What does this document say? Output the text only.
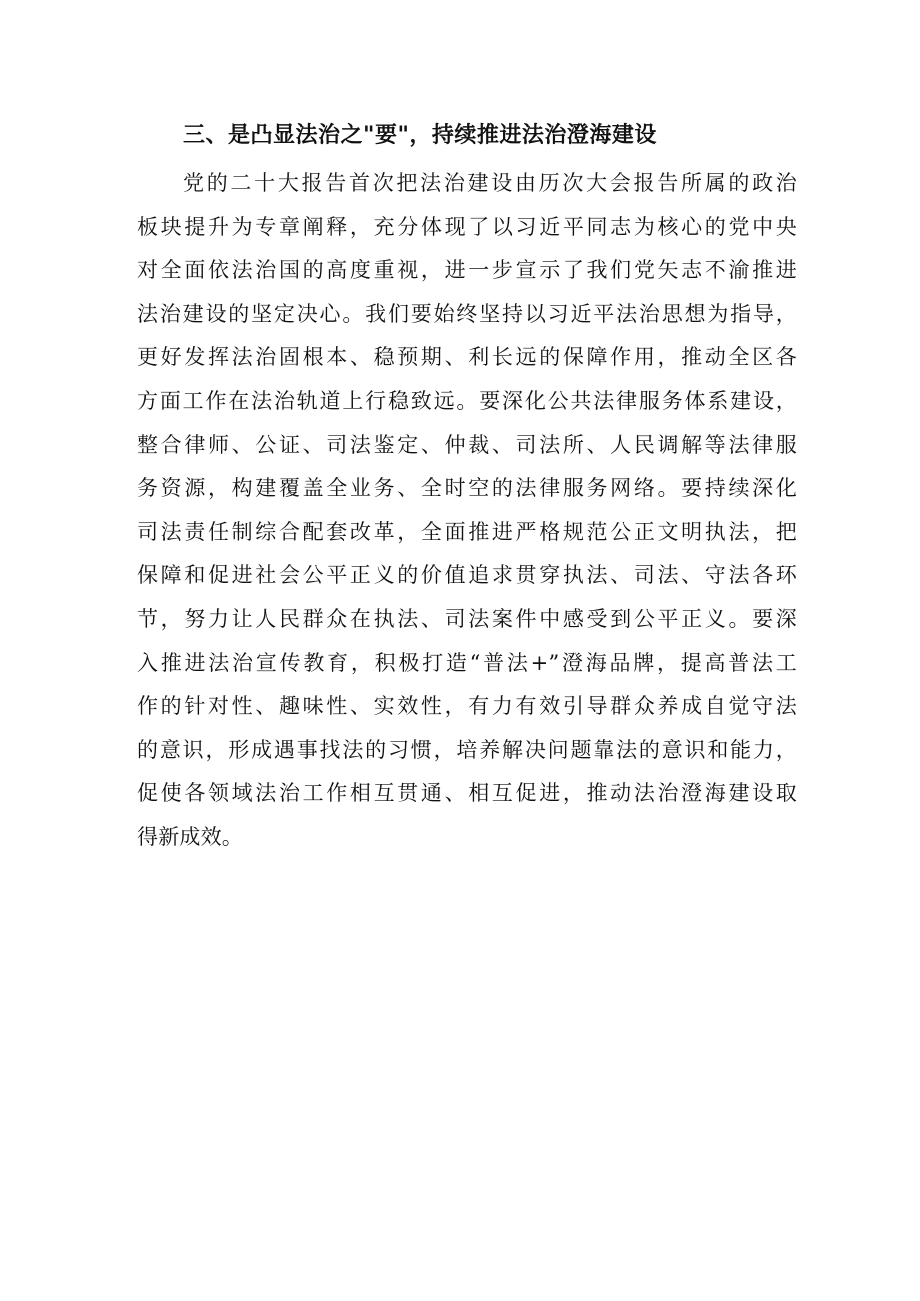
三、是凸显法治之"要"，持续推进法治澄海建设
党的二十大报告首次把法治建设由历次大会报告所属的政治
板块提升为专章阐释，充分体现了以习近平同志为核心的党中央
对全面依法治国的高度重视，进一步宣示了我们党矢志不渝推进
法治建设的坚定决心。我们要始终坚持以习近平法治思想为指导，
更好发挥法治固根本、稳预期、利长远的保障作用，推动全区各
方面工作在法治轨道上行稳致远。要深化公共法律服务体系建设，
整合律师、公证、司法鉴定、仲裁、司法所、人民调解等法律服
务资源，构建覆盖全业务、全时空的法律服务网络。要持续深化
司法责任制综合配套改革，全面推进严格规范公正文明执法，把
保障和促进社会公平正义的价值追求贯穿执法、司法、守法各环
节，努力让人民群众在执法、司法案件中感受到公平正义。要深
入推进法治宣传教育，积极打造“普法+”澄海品牌，提高普法工
作的针对性、趣味性、实效性，有力有效引导群众养成自觉守法
的意识，形成遇事找法的习惯，培养解决问题靠法的意识和能力，
促使各领域法治工作相互贯通、相互促进，推动法治澄海建设取
得新成效。
